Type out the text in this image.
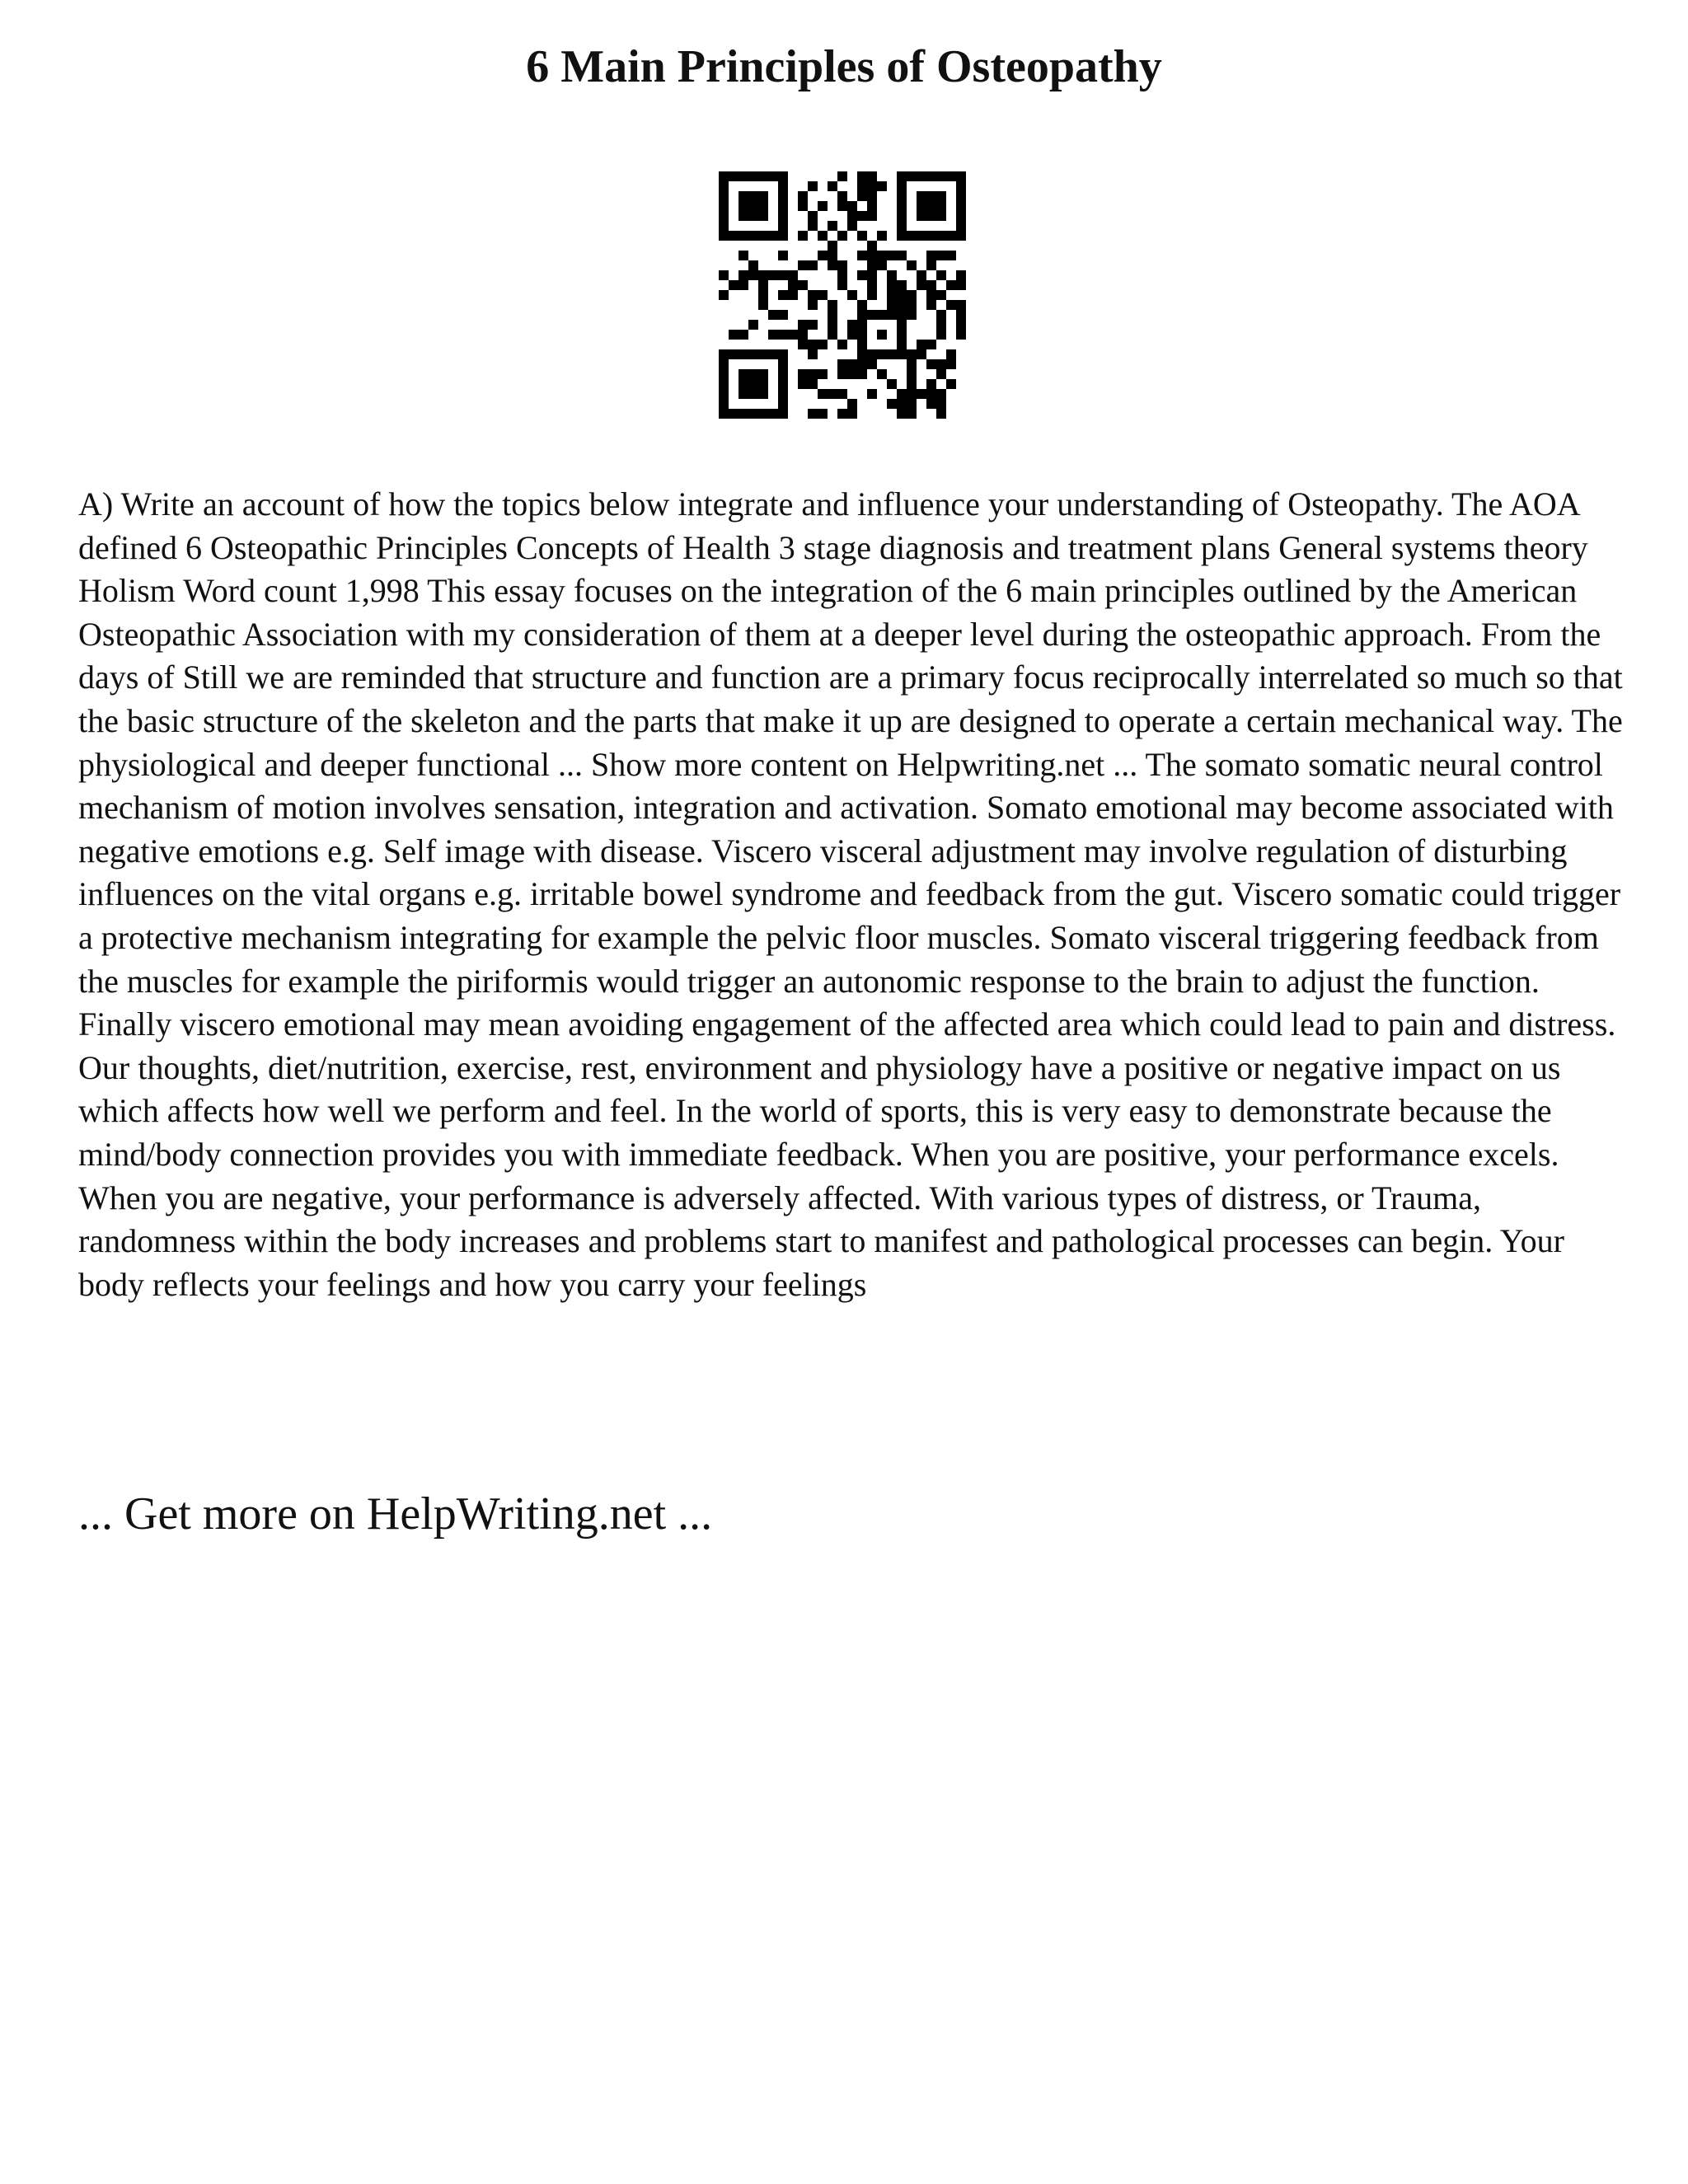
6 Main Principles of Osteopathy

A) Write an account of how the topics below integrate and influence your understanding of Osteopathy. The AOA defined 6 Osteopathic Principles Concepts of Health 3 stage diagnosis and treatment plans General systems theory Holism Word count 1,998 This essay focuses on the integration of the 6 main principles outlined by the American Osteopathic Association with my consideration of them at a deeper level during the osteopathic approach. From the days of Still we are reminded that structure and function are a primary focus reciprocally interrelated so much so that the basic structure of the skeleton and the parts that make it up are designed to operate a certain mechanical way. The physiological and deeper functional ... Show more content on Helpwriting.net ... The somato somatic neural control mechanism of motion involves sensation, integration and activation. Somato emotional may become associated with negative emotions e.g. Self image with disease. Viscero visceral adjustment may involve regulation of disturbing influences on the vital organs e.g. irritable bowel syndrome and feedback from the gut. Viscero somatic could trigger a protective mechanism integrating for example the pelvic floor muscles. Somato visceral triggering feedback from the muscles for example the piriformis would trigger an autonomic response to the brain to adjust the function. Finally viscero emotional may mean avoiding engagement of the affected area which could lead to pain and distress. Our thoughts, diet/nutrition, exercise, rest, environment and physiology have a positive or negative impact on us which affects how well we perform and feel. In the world of sports, this is very easy to demonstrate because the mind/body connection provides you with immediate feedback. When you are positive, your performance excels. When you are negative, your performance is adversely affected. With various types of distress, or Trauma, randomness within the body increases and problems start to manifest and pathological processes can begin. Your body reflects your feelings and how you carry your feelings

... Get more on HelpWriting.net ...
